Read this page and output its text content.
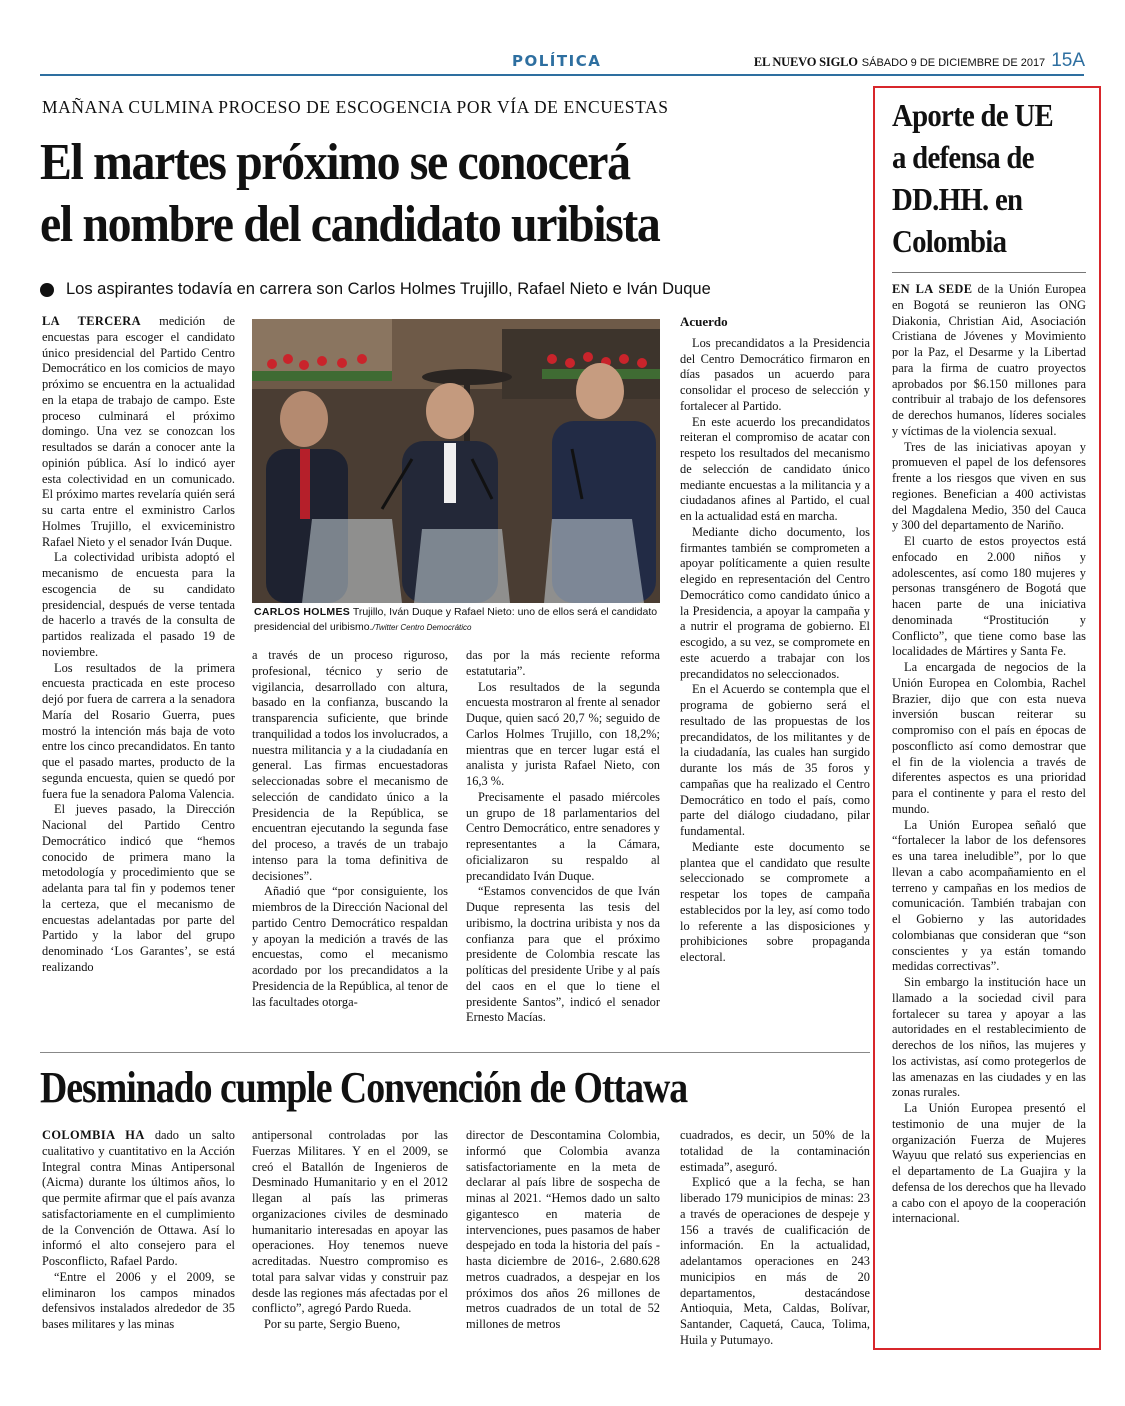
POLÍTICA	EL NUEVO SIGLO SÁBADO 9 DE DICIEMBRE DE 2017 15A
MAÑANA CULMINA PROCESO DE ESCOGENCIA POR VÍA DE ENCUESTAS
El martes próximo se conocerá
el nombre del candidato uribista
Los aspirantes todavía en carrera son Carlos Holmes Trujillo, Rafael Nieto e Iván Duque

LA TERCERA medición de encuestas para escoger el candidato único presidencial del Partido Centro Democrático en los comicios de mayo próximo se encuentra en la actualidad en la etapa de trabajo de campo. Este proceso culminará el próximo domingo. Una vez se conozcan los resultados se darán a conocer ante la opinión pública. Así lo indicó ayer esta colectividad en un comunicado. El próximo martes revelaría quién será su carta entre el exministro Carlos Holmes Trujillo, el exviceministro Rafael Nieto y el senador Iván Duque.

La colectividad uribista adoptó el mecanismo de encuesta para la escogencia de su candidato presidencial, después de verse tentada de hacerlo a través de la consulta de partidos realizada el pasado 19 de noviembre.

Los resultados de la primera encuesta practicada en este proceso dejó por fuera de carrera a la senadora María del Rosario Guerra, pues mostró la intención más baja de voto entre los cinco precandidatos. En tanto que el pasado martes, producto de la segunda encuesta, quien se quedó por fuera fue la senadora Paloma Valencia.

El jueves pasado, la Dirección Nacional del Partido Centro Democrático indicó que “hemos conocido de primera mano la metodología y procedimiento que se adelanta para tal fin y podemos tener la certeza, que el mecanismo de encuestas adelantadas por parte del Partido y la labor del grupo denominado ‘Los Garantes’, se está realizando

CARLOS HOLMES Trujillo, Iván Duque y Rafael Nieto: uno de ellos será el candidato presidencial del uribismo./Twitter Centro Democrático

a través de un proceso riguroso, profesional, técnico y serio de vigilancia, desarrollado con altura, basado en la confianza, buscando la transparencia suficiente, que brinde tranquilidad a todos los involucrados, a nuestra militancia y a la ciudadanía en general. Las firmas encuestadoras seleccionadas sobre el mecanismo de selección de candidato único a la Presidencia de la República, se encuentran ejecutando la segunda fase del proceso, a través de un trabajo intenso para la toma definitiva de decisiones”.

Añadió que “por consiguiente, los miembros de la Dirección Nacional del partido Centro Democrático respaldan y apoyan la medición a través de las encuestas, como el mecanismo acordado por los precandidatos a la Presidencia de la República, al tenor de las facultades otorga-

das por la más reciente reforma estatutaria”.

Los resultados de la segunda encuesta mostraron al frente al senador Duque, quien sacó 20,7 %; seguido de Carlos Holmes Trujillo, con 18,2%; mientras que en tercer lugar está el analista y jurista Rafael Nieto, con 16,3 %.

Precisamente el pasado miércoles un grupo de 18 parlamentarios del Centro Democrático, entre senadores y representantes a la Cámara, oficializaron su respaldo al precandidato Iván Duque.

“Estamos convencidos de que Iván Duque representa las tesis del uribismo, la doctrina uribista y nos da confianza para que el próximo presidente de Colombia rescate las políticas del presidente Uribe y al país del caos en el que lo tiene el presidente Santos”, indicó el senador Ernesto Macías.

Acuerdo

Los precandidatos a la Presidencia del Centro Democrático firmaron en días pasados un acuerdo para consolidar el proceso de selección y fortalecer al Partido.

En este acuerdo los precandidatos reiteran el compromiso de acatar con respeto los resultados del mecanismo de selección de candidato único mediante encuestas a la militancia y a ciudadanos afines al Partido, el cual en la actualidad está en marcha.

Mediante dicho documento, los firmantes también se comprometen a apoyar políticamente a quien resulte elegido en representación del Centro Democrático como candidato único a la Presidencia, a apoyar la campaña y a nutrir el programa de gobierno. El escogido, a su vez, se compromete en este acuerdo a trabajar con los precandidatos no seleccionados.

En el Acuerdo se contempla que el programa de gobierno será el resultado de las propuestas de los precandidatos, de los militantes y de la ciudadanía, las cuales han surgido durante los más de 35 foros y campañas que ha realizado el Centro Democrático en todo el país, como parte del diálogo ciudadano, pilar fundamental.

Mediante este documento se plantea que el candidato que resulte seleccionado se compromete a respetar los topes de campaña establecidos por la ley, así como todo lo referente a las disposiciones y prohibiciones sobre propaganda electoral.

Desminado cumple Convención de Ottawa

COLOMBIA HA dado un salto cualitativo y cuantitativo en la Acción Integral contra Minas Antipersonal (Aicma) durante los últimos años, lo que permite afirmar que el país avanza satisfactoriamente en el cumplimiento de la Convención de Ottawa. Así lo informó el alto consejero para el Posconflicto, Rafael Pardo.

“Entre el 2006 y el 2009, se eliminaron los campos minados defensivos instalados alrededor de 35 bases militares y las minas

antipersonal controladas por las Fuerzas Militares. Y en el 2009, se creó el Batallón de Ingenieros de Desminado Humanitario y en el 2012 llegan al país las primeras organizaciones civiles de desminado humanitario interesadas en apoyar las operaciones. Hoy tenemos nueve acreditadas. Nuestro compromiso es total para salvar vidas y construir paz desde las regiones más afectadas por el conflicto”, agregó Pardo Rueda.

Por su parte, Sergio Bueno,

director de Descontamina Colombia, informó que Colombia avanza satisfactoriamente en la meta de declarar al país libre de sospecha de minas al 2021. “Hemos dado un salto gigantesco en materia de intervenciones, pues pasamos de haber despejado en toda la historia del país -hasta diciembre de 2016-, 2.680.628 metros cuadrados, a despejar en los próximos dos años 26 millones de metros cuadrados de un total de 52 millones de metros

cuadrados, es decir, un 50% de la totalidad de la contaminación estimada”, aseguró.

Explicó que a la fecha, se han liberado 179 municipios de minas: 23 a través de operaciones de despeje y 156 a través de cualificación de información. En la actualidad, adelantamos operaciones en 243 municipios en más de 20 departamentos, destacándose Antioquia, Meta, Caldas, Bolívar, Santander, Caquetá, Cauca, Tolima, Huila y Putumayo.

Aporte de UE a defensa de DD.HH. en Colombia

EN LA SEDE de la Unión Europea en Bogotá se reunieron las ONG Diakonia, Christian Aid, Asociación Cristiana de Jóvenes y Movimiento por la Paz, el Desarme y la Libertad para la firma de cuatro proyectos aprobados por $6.150 millones para contribuir al trabajo de los defensores de derechos humanos, líderes sociales y víctimas de la violencia sexual.

Tres de las iniciativas apoyan y promueven el papel de los defensores frente a los riesgos que viven en sus regiones. Benefician a 400 activistas del Magdalena Medio, 350 del Cauca y 300 del departamento de Nariño.

El cuarto de estos proyectos está enfocado en 2.000 niños y adolescentes, así como 180 mujeres y personas transgénero de Bogotá que hacen parte de una iniciativa denominada “Prostitución y Conflicto”, que tiene como base las localidades de Mártires y Santa Fe.

La encargada de negocios de la Unión Europea en Colombia, Rachel Brazier, dijo que con esta nueva inversión buscan reiterar su compromiso con el país en épocas de posconflicto así como demostrar que el fin de la violencia a través de diferentes aspectos es una prioridad para el continente y para el resto del mundo.

La Unión Europea señaló que “fortalecer la labor de los defensores es una tarea ineludible”, por lo que llevan a cabo acompañamiento en el terreno y campañas en los medios de comunicación. También trabajan con el Gobierno y las autoridades colombianas que consideran que “son conscientes y ya están tomando medidas correctivas”.

Sin embargo la institución hace un llamado a la sociedad civil para fortalecer su tarea y apoyar a las autoridades en el restablecimiento de derechos de los niños, las mujeres y los activistas, así como protegerlos de las amenazas en las ciudades y en las zonas rurales.

La Unión Europea presentó el testimonio de una mujer de la organización Fuerza de Mujeres Wayuu que relató sus experiencias en el departamento de La Guajira y la defensa de los derechos que ha llevado a cabo con el apoyo de la cooperación internacional.
